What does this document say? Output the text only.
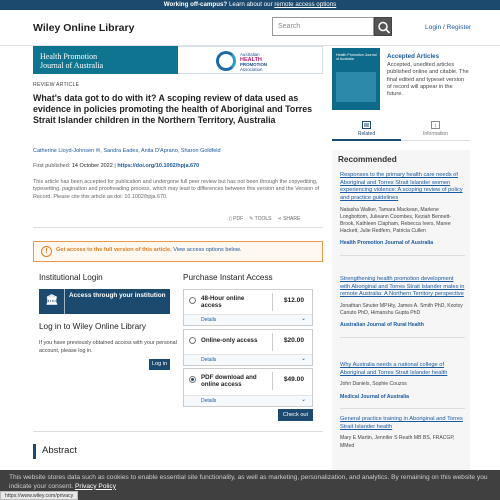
Working off-campus? Learn about our remote access options
Wiley Online Library	Search	Login / Register
Health Promotion
Journal of Australia
Australian
HEALTH
PROMOTION
Association
REVIEW ARTICLE
What's data got to do with it? A scoping review of data used as evidence in policies promoting the health of Aboriginal and Torres Strait Islander children in the Northern Territory, Australia
Catherine Lloyd-Johnsen ✉, Sandra Eades, Anita D'Aprano, Sharon Goldfeld
First published: 14 October 2022 | https://doi.org/10.1002/hpja.670
This article has been accepted for publication and undergone full peer review but has not been through the copyediting, typesetting, pagination and proofreading process, which may lead to differences between this version and the Version of Record. Please cite this article as doi: 10.1002/hpja.670.
▯ PDF ✎ TOOLS ⋖ SHARE
!	Get access to the full version of this article. View access options below.
Institutional Login
🏛 Access through your institution
Log in to Wiley Online Library
If you have previously obtained access with your personal account, please log in.
Log in
Purchase Instant Access
48-Hour online access
$12.00
Details	⌄
Online-only access	$20.00
Details	⌄
PDF download and online access
$49.00
Details	⌄
Check out
Abstract
Health Promotion Journal of Australia	Accepted Articles
Accepted, unedited articles published online and citable. The final edited and typeset version of record will appear in the future.
Related
i
Information
Recommended
Responses to the primary health care needs of Aboriginal and Torres Strait Islander women experiencing violence: A scoping review of policy and practice guidelines
Natasha Walker, Tamara Mackean, Marlene Longbottom, Julieann Coombes, Keziah Bennett-Brook, Kathleen Clapham, Rebecca Ivers, Maree Hackett, Julie Redfern, Patricia Cullen
Health Promotion Journal of Australia
Strengthening health promotion development with Aboriginal and Torres Strait Islander males in remote Australia: A Northern Territory perspective
Jonathan Sinuter MPHty, James A. Smith PhD, Kootsy Canuto PhD, Himanshu Gupta PhD
Australian Journal of Rural Health
Why Australia needs a national college of Aboriginal and Torres Strait Islander health
John Daniels, Sophie Couzos
Medical Journal of Australia
General practice training in Aboriginal and Torres Strait Islander health
Mary E Martin, Jennifer S Reath MB BS, FRACGP, MMed
This website stores data such as cookies to enable essential site functionality, as well as marketing, personalization, and analytics. By remaining on this website you indicate your consent. Privacy Policy
https://www.wiley.com/privacy
